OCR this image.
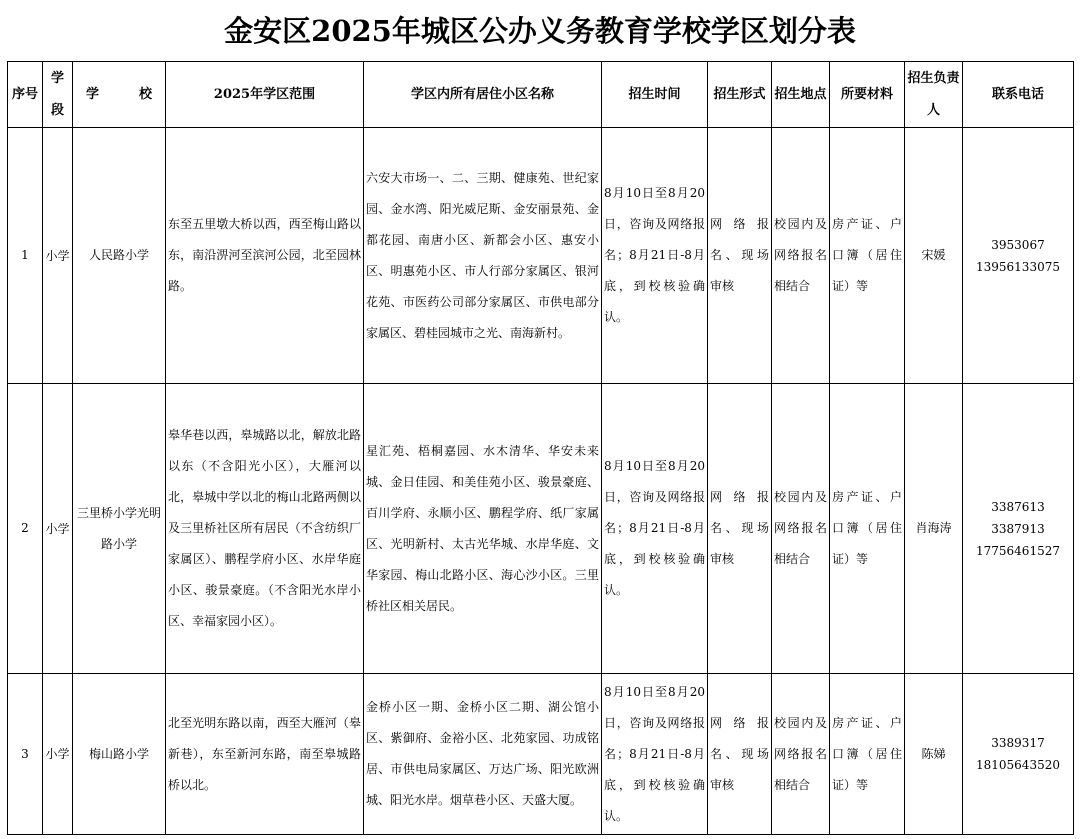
金安区2025年城区公办义务教育学校学区划分表
序号	学段	学 校	2025年学区范围	学区内所有居住小区名称	招生时间	招生形式	招生地点	所要材料	招生负责人	联系电话
1	小学	人民路小学	东至五里墩大桥以西，西至梅山路以东，南沿淠河至滨河公园，北至园林路。	六安大市场一、二、三期、健康苑、世纪家园、金水湾、阳光威尼斯、金安丽景苑、金都花园、南唐小区、新都会小区、惠安小区、明惠苑小区、市人行部分家属区、银河花苑、市医药公司部分家属区、市供电部分家属区、碧桂园城市之光、南海新村。	8月10日至8月20日，咨询及网络报名；8月21日-8月底，到校核验确认。	网络报名、现场审核	校园内及网络报名相结合	房产证、户口簿（居住证）等	宋媛	3953067
13956133075

2	小学	三里桥小学光明路小学	皋华巷以西，皋城路以北，解放北路以东（不含阳光小区），大雁河以北，皋城中学以北的梅山北路两侧以及三里桥社区所有居民（不含纺织厂家属区）、鹏程学府小区、水岸华庭小区、骏景豪庭。（不含阳光水岸小区、幸福家园小区）。	星汇苑、梧桐嘉园、水木清华、华安未来城、金日佳园、和美佳苑小区、骏景豪庭、百川学府、永顺小区、鹏程学府、纸厂家属区、光明新村、太古光华城、水岸华庭、文华家园、梅山北路小区、海心沙小区。三里桥社区相关居民。	8月10日至8月20日，咨询及网络报名；8月21日-8月底，到校核验确认。	网络报名、现场审核	校园内及网络报名相结合	房产证、户口簿（居住证）等	肖海涛	3387613
3387913
17756461527

3	小学	梅山路小学	北至光明东路以南，西至大雁河（皋新巷），东至新河东路，南至皋城路桥以北。	金桥小区一期、金桥小区二期、湖公馆小区、紫御府、金裕小区、北苑家园、功成铭居、市供电局家属区、万达广场、阳光欧洲城、阳光水岸。烟草巷小区、天盛大厦。	8月10日至8月20日，咨询及网络报名；8月21日-8月底，到校核验确认。	网络报名、现场审核	校园内及网络报名相结合	房产证、户口簿（居住证）等	陈娣	3389317
18105643520
